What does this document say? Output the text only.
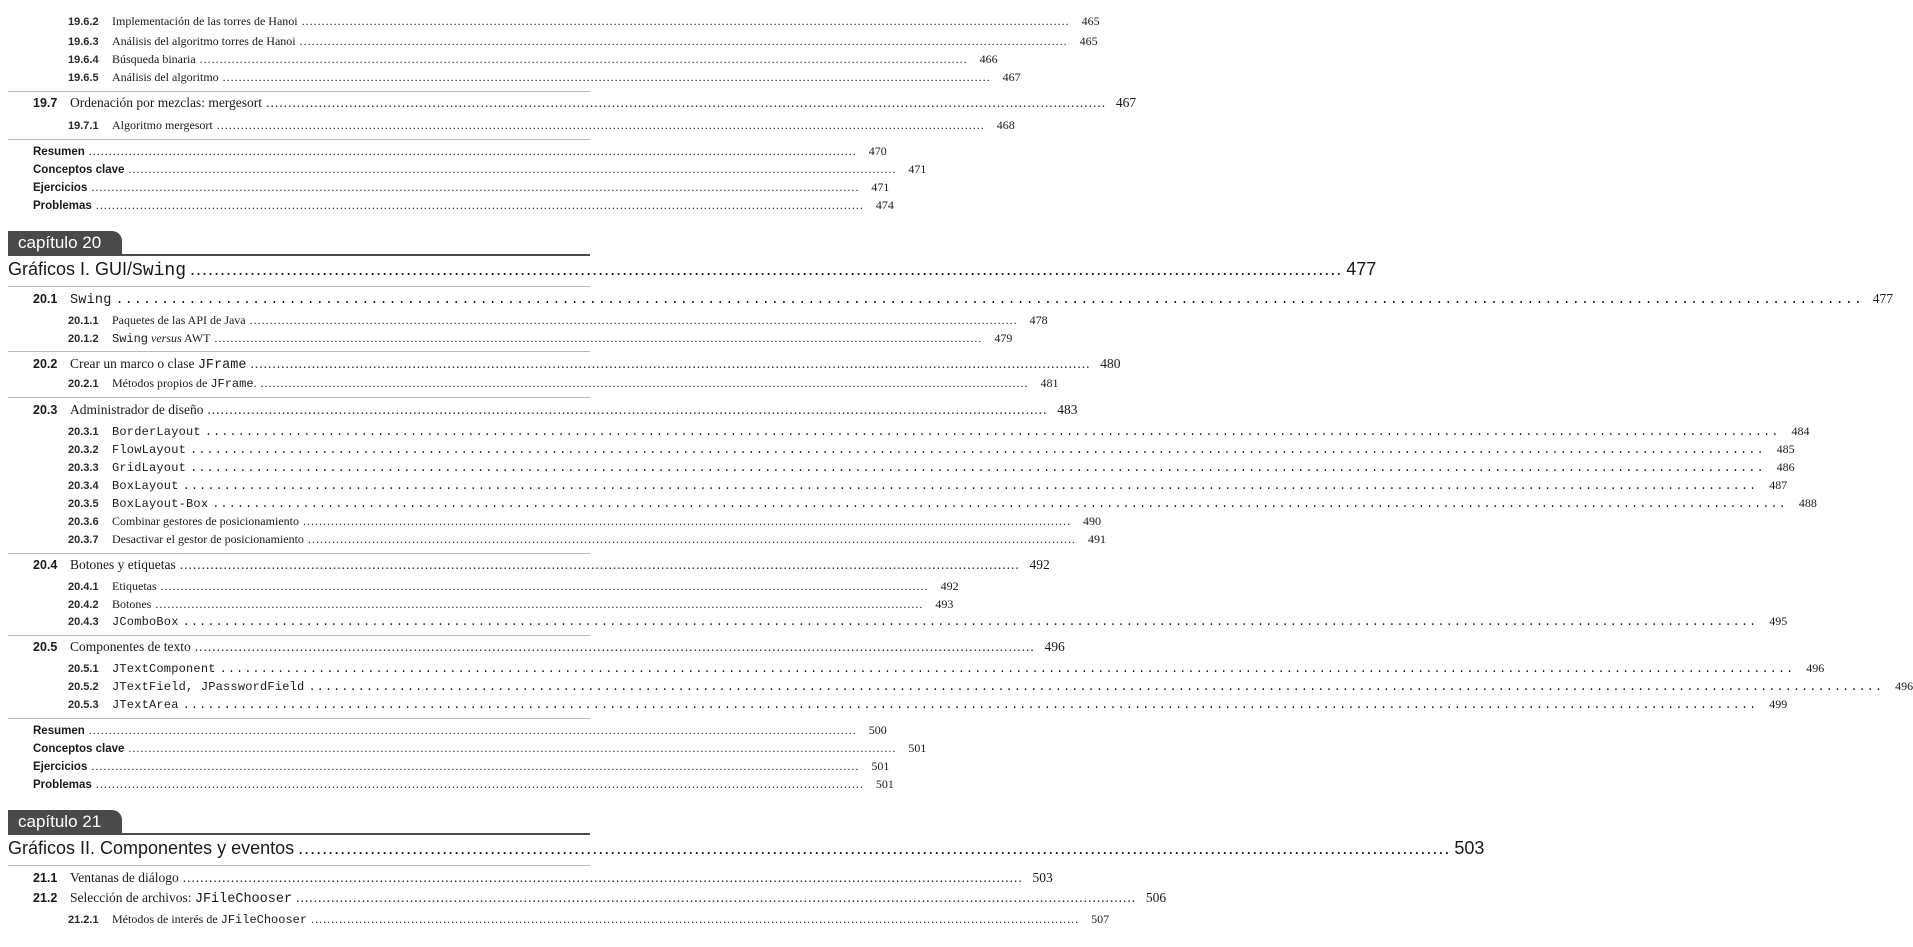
19.6.2	Implementación de las torres de Hanoi .....	465
19.6.3	Análisis del algoritmo torres de Hanoi .....	465
19.6.4	Búsqueda binaria .....	466
19.6.5	Análisis del algoritmo .....	467
19.7 Ordenación por mezclas: mergesort .....	467
19.7.1	Algoritmo mergesort .....	468
Resumen .....	470
Conceptos clave .....	471
Ejercicios .....	471
Problemas .....	474
capítulo 20
Gráficos I. GUI/Swing .....	477
20.1 Swing .....	477
20.1.1	Paquetes de las API de Java .....	478
20.1.2	Swing versus AWT .....	479
20.2 Crear un marco o clase JFrame .....	480
20.2.1	Métodos propios de JFrame. .....	481
20.3 Administrador de diseño .....	483
20.3.1	BorderLayout .....	484
20.3.2	FlowLayout .....	485
20.3.3	GridLayout .....	486
20.3.4	BoxLayout .....	487
20.3.5	BoxLayout-Box .....	488
20.3.6	Combinar gestores de posicionamiento .....	490
20.3.7	Desactivar el gestor de posicionamiento .....	491
20.4 Botones y etiquetas .....	492
20.4.1	Etiquetas .....	492
20.4.2	Botones .....	493
20.4.3	JComboBox .....	495
20.5 Componentes de texto .....	496
20.5.1	JTextComponent .....	496
20.5.2	JTextField, JPasswordField .....	496
20.5.3	JTextArea .....	499
Resumen .....	500
Conceptos clave .....	501
Ejercicios .....	501
Problemas .....	501
capítulo 21
Gráficos II. Componentes y eventos .....	503
21.1 Ventanas de diálogo .....	503
21.2 Selección de archivos: JFileChooser .....	506
21.2.1	Métodos de interés de JFileChooser .....	507
